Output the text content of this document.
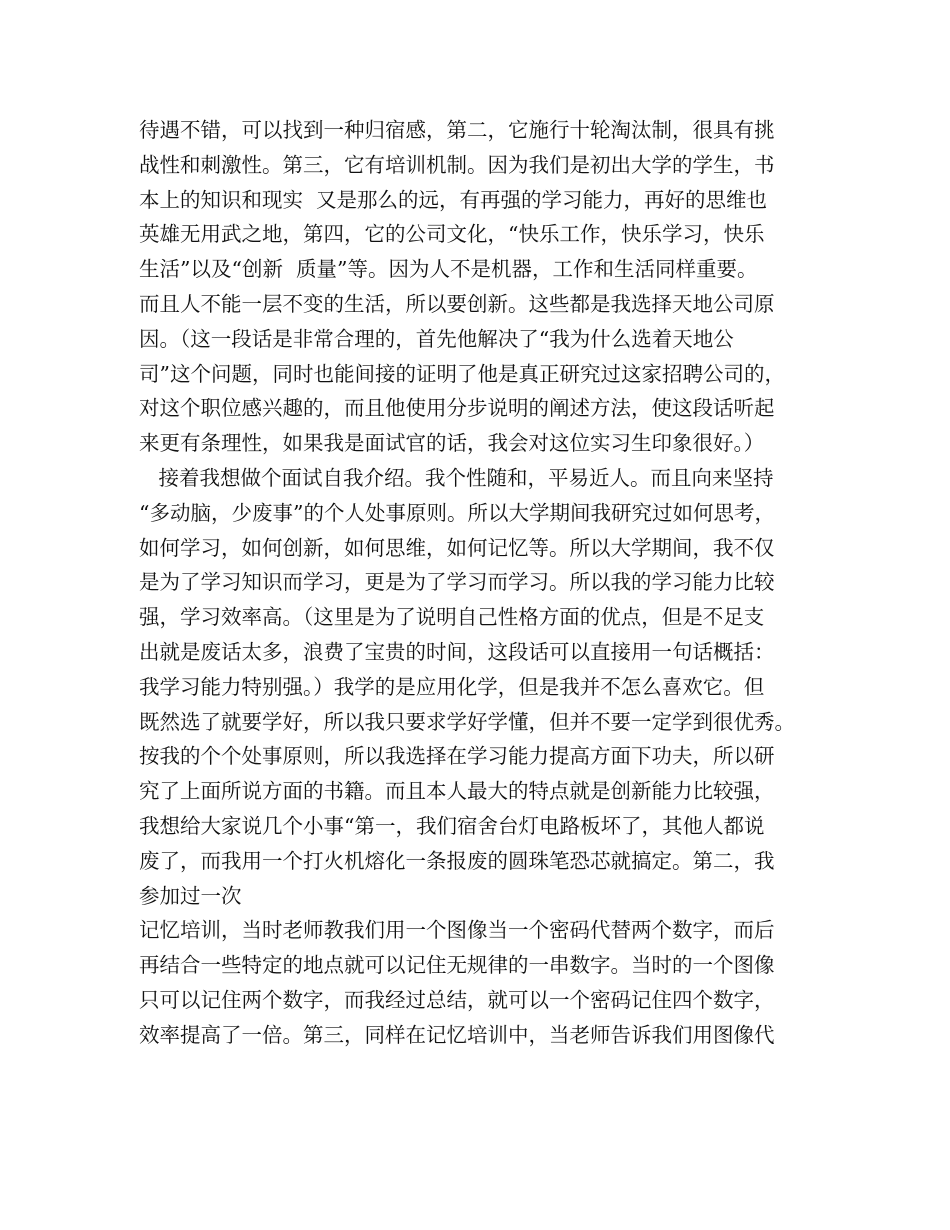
待遇不错，可以找到一种归宿感，第二，它施行十轮淘汰制，很具有挑
战性和刺激性。第三，它有培训机制。因为我们是初出大学的学生，书
本上的知识和现实  又是那么的远，有再强的学习能力，再好的思维也
英雄无用武之地，第四，它的公司文化，“快乐工作，快乐学习，快乐
生活”以及“创新  质量”等。因为人不是机器，工作和生活同样重要。
而且人不能一层不变的生活，所以要创新。这些都是我选择天地公司原
因。（这一段话是非常合理的，首先他解决了“我为什么选着天地公
司”这个问题，同时也能间接的证明了他是真正研究过这家招聘公司的，
对这个职位感兴趣的，而且他使用分步说明的阐述方法，使这段话听起
来更有条理性，如果我是面试官的话，我会对这位实习生印象很好。）
接着我想做个面试自我介绍。我个性随和，平易近人。而且向来坚持
“多动脑，少废事”的个人处事原则。所以大学期间我研究过如何思考，
如何学习，如何创新，如何思维，如何记忆等。所以大学期间，我不仅
是为了学习知识而学习，更是为了学习而学习。所以我的学习能力比较
强，学习效率高。（这里是为了说明自己性格方面的优点，但是不足支
出就是废话太多，浪费了宝贵的时间，这段话可以直接用一句话概括：
我学习能力特别强。）我学的是应用化学，但是我并不怎么喜欢它。但
既然选了就要学好，所以我只要求学好学懂，但并不要一定学到很优秀。
按我的个个处事原则，所以我选择在学习能力提高方面下功夫，所以研
究了上面所说方面的书籍。而且本人最大的特点就是创新能力比较强，
我想给大家说几个小事“第一，我们宿舍台灯电路板坏了，其他人都说
废了，而我用一个打火机熔化一条报废的圆珠笔恐芯就搞定。第二，我
参加过一次
记忆培训，当时老师教我们用一个图像当一个密码代替两个数字，而后
再结合一些特定的地点就可以记住无规律的一串数字。当时的一个图像
只可以记住两个数字，而我经过总结，就可以一个密码记住四个数字，
效率提高了一倍。第三，同样在记忆培训中，当老师告诉我们用图像代
